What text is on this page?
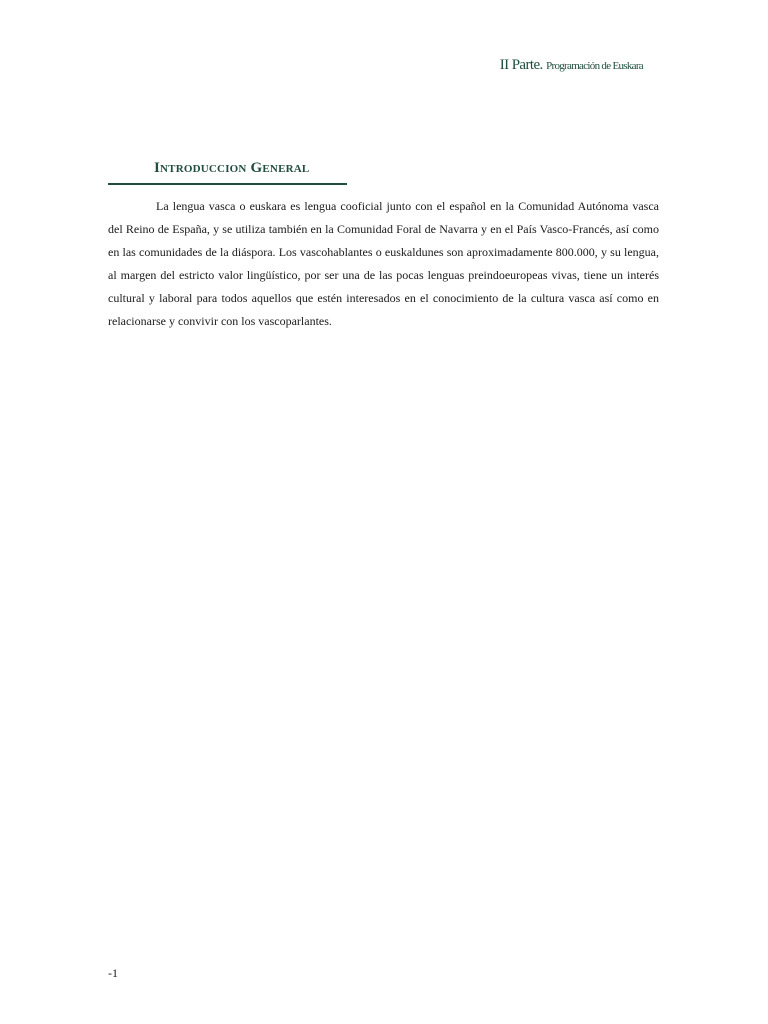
II Parte. Programación de Euskara
Introduccion General

La lengua vasca o euskara es lengua cooficial junto con el español en la Comunidad Autónoma vasca del Reino de España, y se utiliza también en la Comunidad Foral de Navarra y en el País Vasco-Francés, así como en las comunidades de la diáspora. Los vascohablantes o euskaldunes son aproximadamente 800.000, y su lengua, al margen del estricto valor lingüístico, por ser una de las pocas lenguas preindoeuropeas vivas, tiene un interés cultural y laboral para todos aquellos que estén interesados en el conocimiento de la cultura vasca así como en relacionarse y convivir con los vascoparlantes.

-1
